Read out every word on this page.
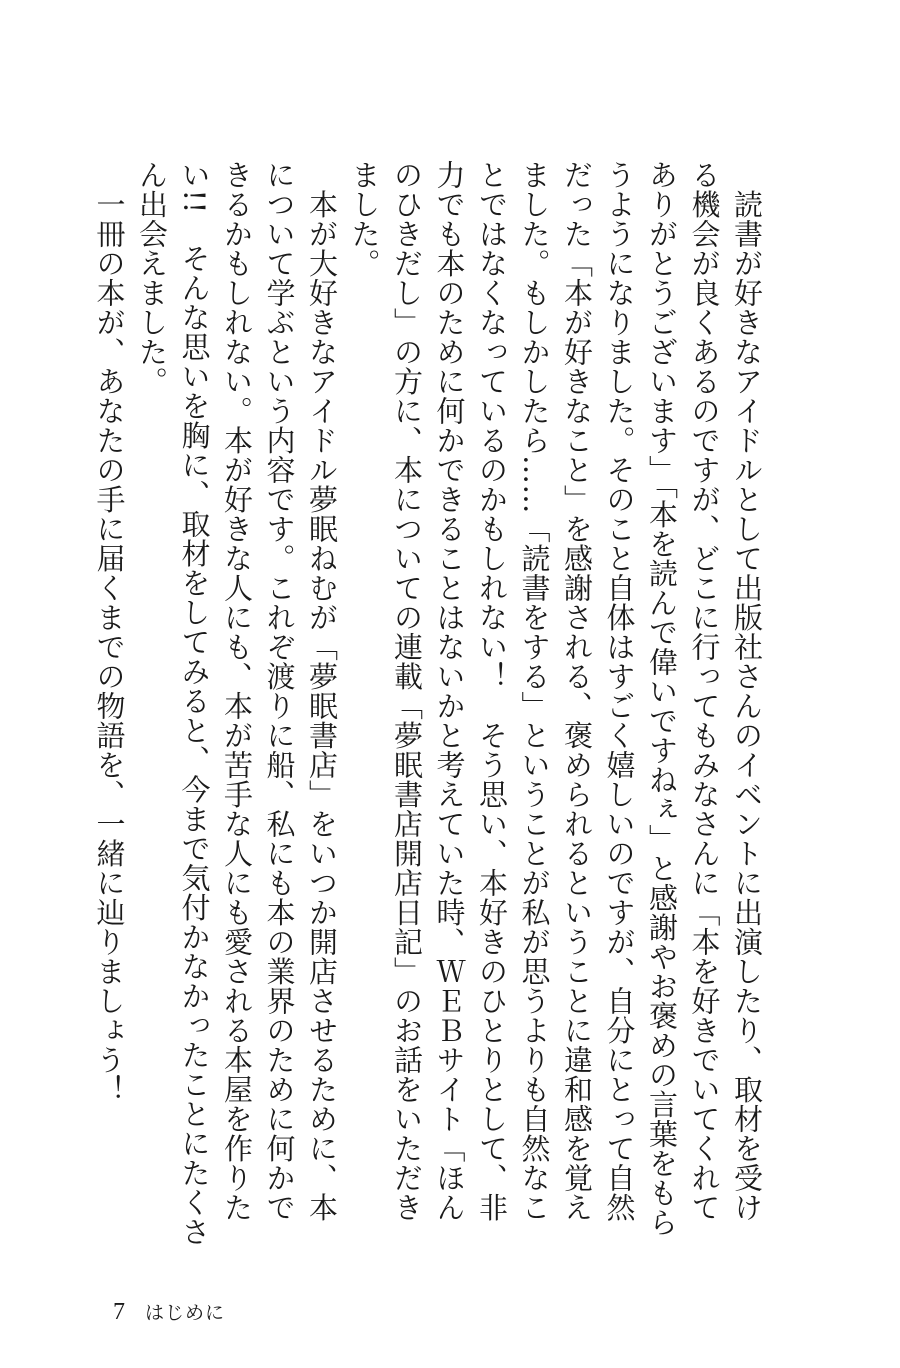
　読書が好きなアイドルとして出版社さんのイベントに出演したり、取材を受ける機会が良くあるのですが、どこに行ってもみなさんに「本を好きでいてくれてありがとうございます」「本を読んで偉いですねぇ」と感謝やお褒めの言葉をもらうようになりました。そのこと自体はすごく嬉しいのですが、自分にとって自然だった「本が好きなこと」を感謝される、褒められるということに違和感を覚えました。もしかしたら……「読書をする」ということが私が思うよりも自然なことではなくなっているのかもしれない！　そう思い、本好きのひとりとして、非力でも本のために何かできることはないかと考えていた時、ＷＥＢサイト「ほんのひきだし」の方に、本についての連載「夢眠書店開店日記」のお話をいただきました。

　本が大好きなアイドル夢眠ねむが「夢眠書店」をいつか開店させるために、本について学ぶという内容です。これぞ渡りに船、私にも本の業界のために何かできるかもしれない。本が好きな人にも、本が苦手な人にも愛される本屋を作りたい!!　そんな思いを胸に、取材をしてみると、今まで気付かなかったことにたくさん出会えました。

　一冊の本が、あなたの手に届くまでの物語を、一緒に辿りましょう！

7 はじめに
